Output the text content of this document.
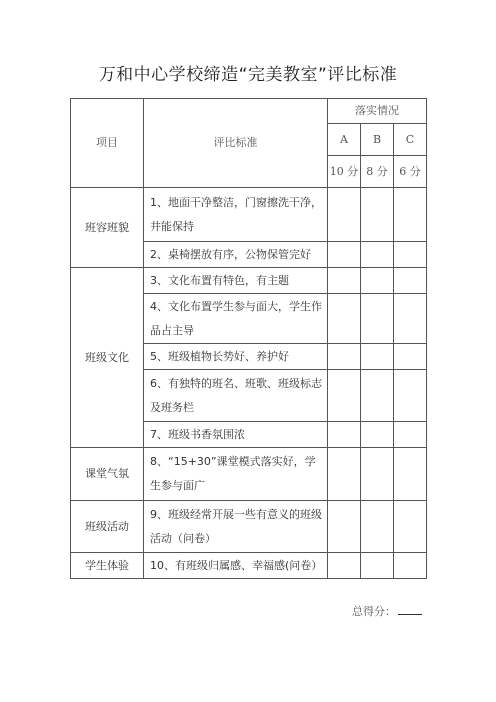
万和中心学校缔造“完美教室”评比标准
项目	评比标准	落实情况		
		A	B	C
		10 分	8 分	6 分
班容班貌	1、地面干净整洁，门窗擦洗干净，井能保持			
	2、桌椅摆放有序，公物保管完好			
班级文化	3、文化布置有特色，有主题			
	4、文化布置学生参与面大，学生作品占主导			
	5、班级植物长势好、养护好			
	6、有独特的班名、班歌、班级标志及班务栏			
	7、班级书香氛围浓			
课堂气氛	8、“15+30”课堂模式落实好，学生参与面广			
班级活动	9、班级经常开展一些有意义的班级活动（问卷）			
学生体验	10、有班级归属感、幸福感(问卷）			
总得分：
